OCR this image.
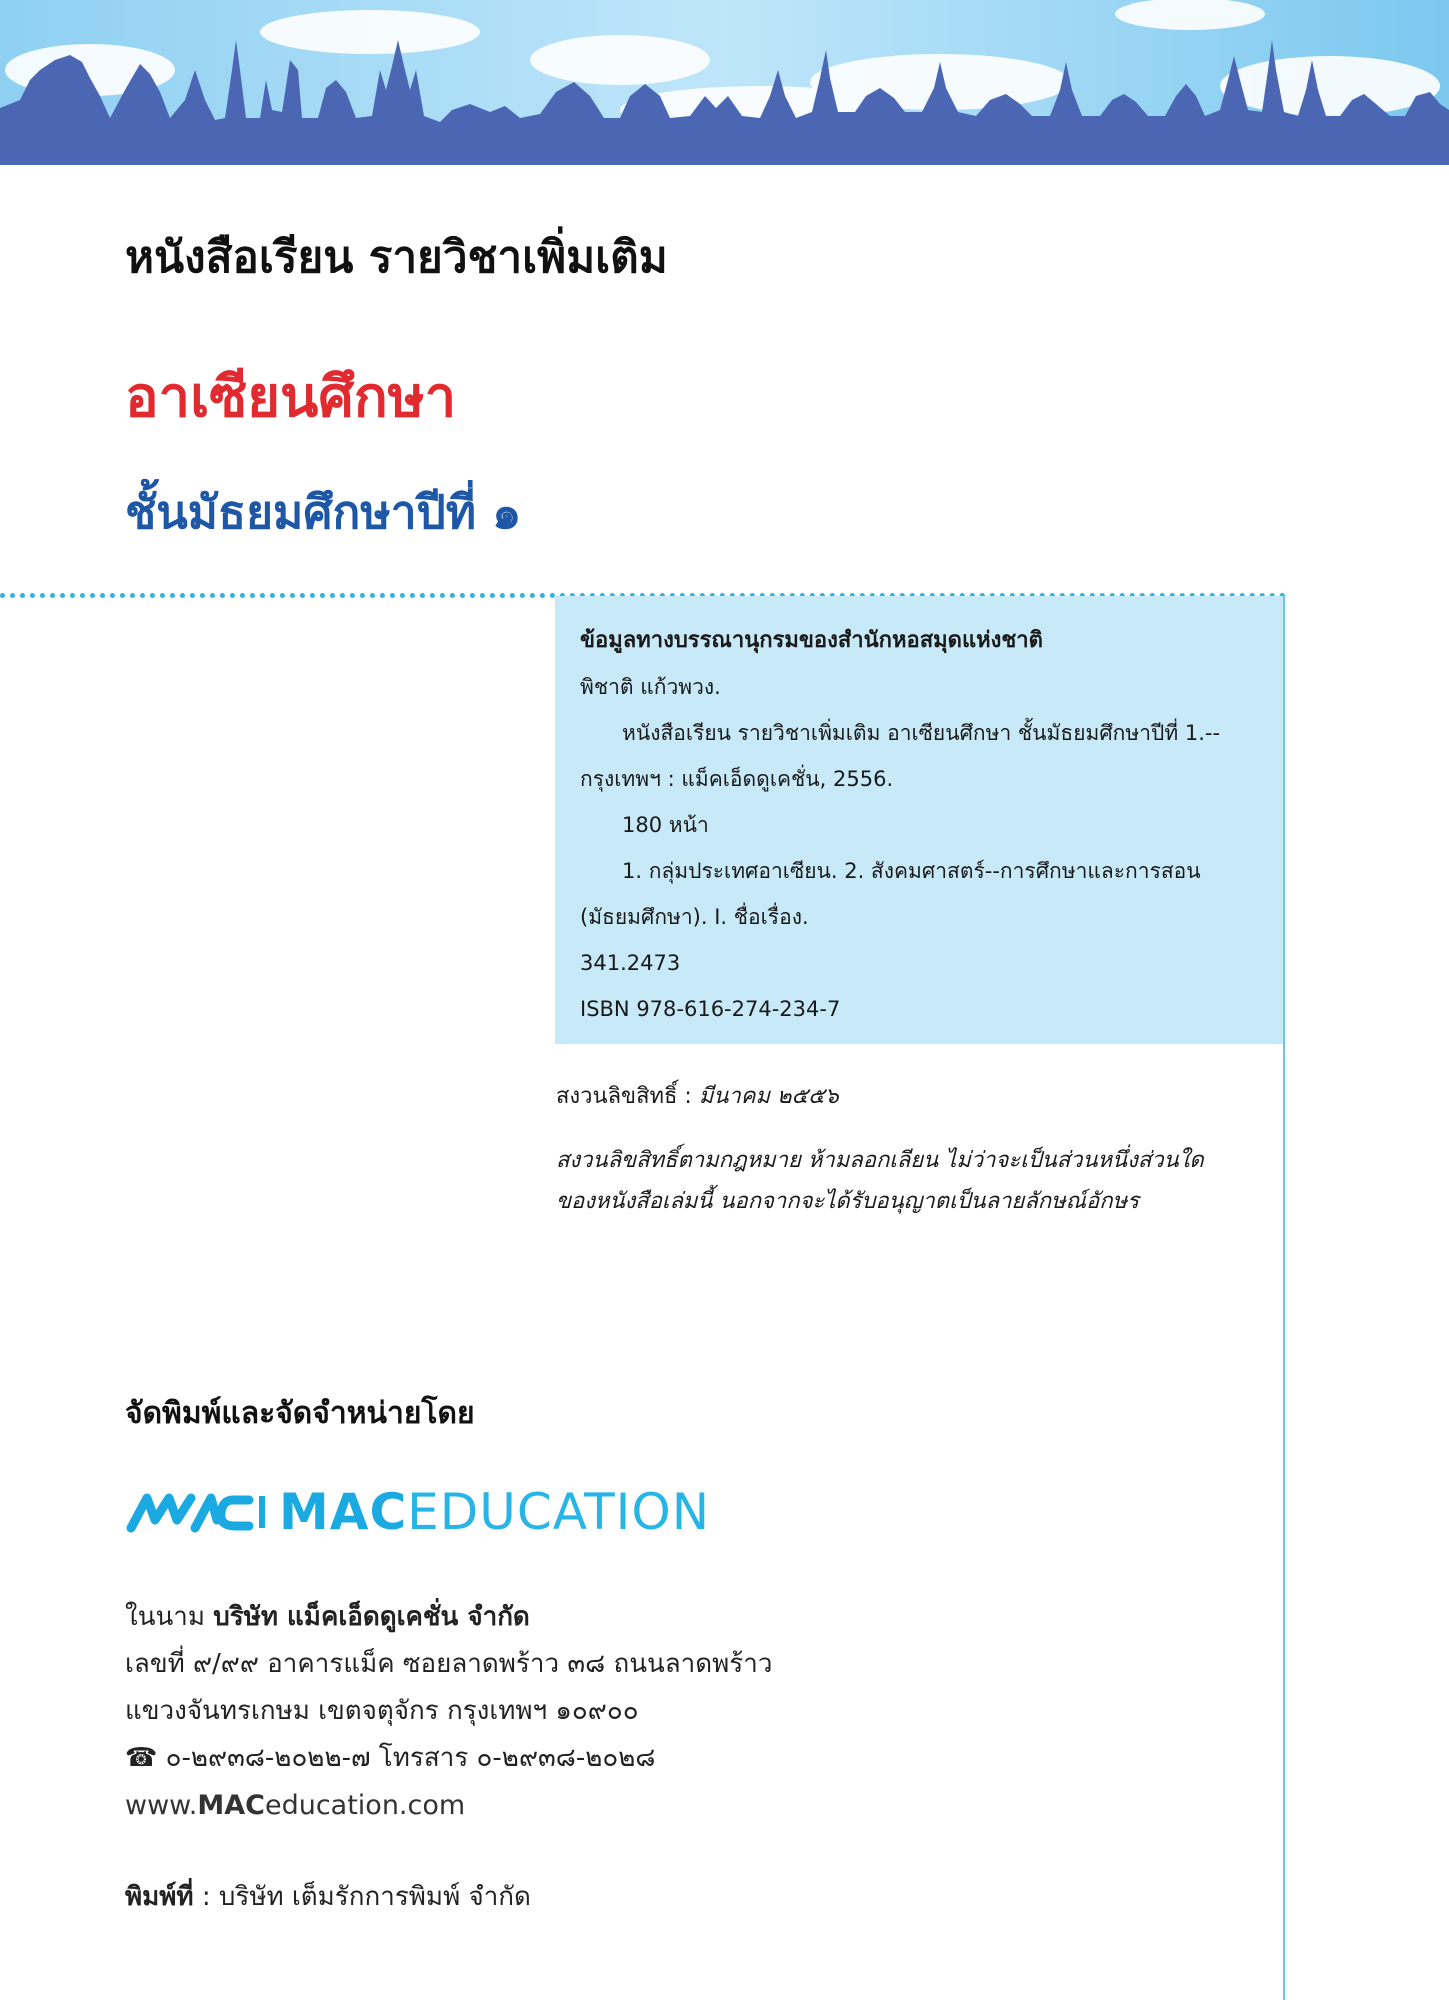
หนังสือเรียน รายวิชาเพิ่มเติม
อาเซียนศึกษา
ชั้นมัธยมศึกษาปีที่ ๑
ข้อมูลทางบรรณานุกรมของสำนักหอสมุดแห่งชาติ
พิชาติ แก้วพวง.
หนังสือเรียน รายวิชาเพิ่มเติม อาเซียนศึกษา ชั้นมัธยมศึกษาปีที่ 1.--
กรุงเทพฯ : แม็คเอ็ดดูเคชั่น, 2556.
180 หน้า
1. กลุ่มประเทศอาเซียน. 2. สังคมศาสตร์--การศึกษาและการสอน
(มัธยมศึกษา). I. ชื่อเรื่อง.
341.2473
ISBN 978-616-274-234-7
สงวนลิขสิทธิ์ : มีนาคม ๒๕๕๖
สงวนลิขสิทธิ์ตามกฎหมาย ห้ามลอกเลียน ไม่ว่าจะเป็นส่วนหนึ่งส่วนใด
ของหนังสือเล่มนี้ นอกจากจะได้รับอนุญาตเป็นลายลักษณ์อักษร
จัดพิมพ์และจัดจำหน่ายโดย
MACEDUCATION
ในนาม บริษัท แม็คเอ็ดดูเคชั่น จำกัด
เลขที่ ๙/๙๙ อาคารแม็ค ซอยลาดพร้าว ๓๘ ถนนลาดพร้าว
แขวงจันทรเกษม เขตจตุจักร กรุงเทพฯ ๑๐๙๐๐
☎ ๐-๒๙๓๘-๒๐๒๒-๗ โทรสาร ๐-๒๙๓๘-๒๐๒๘
www.MACeducation.com
พิมพ์ที่ : บริษัท เต็มรักการพิมพ์ จำกัด
